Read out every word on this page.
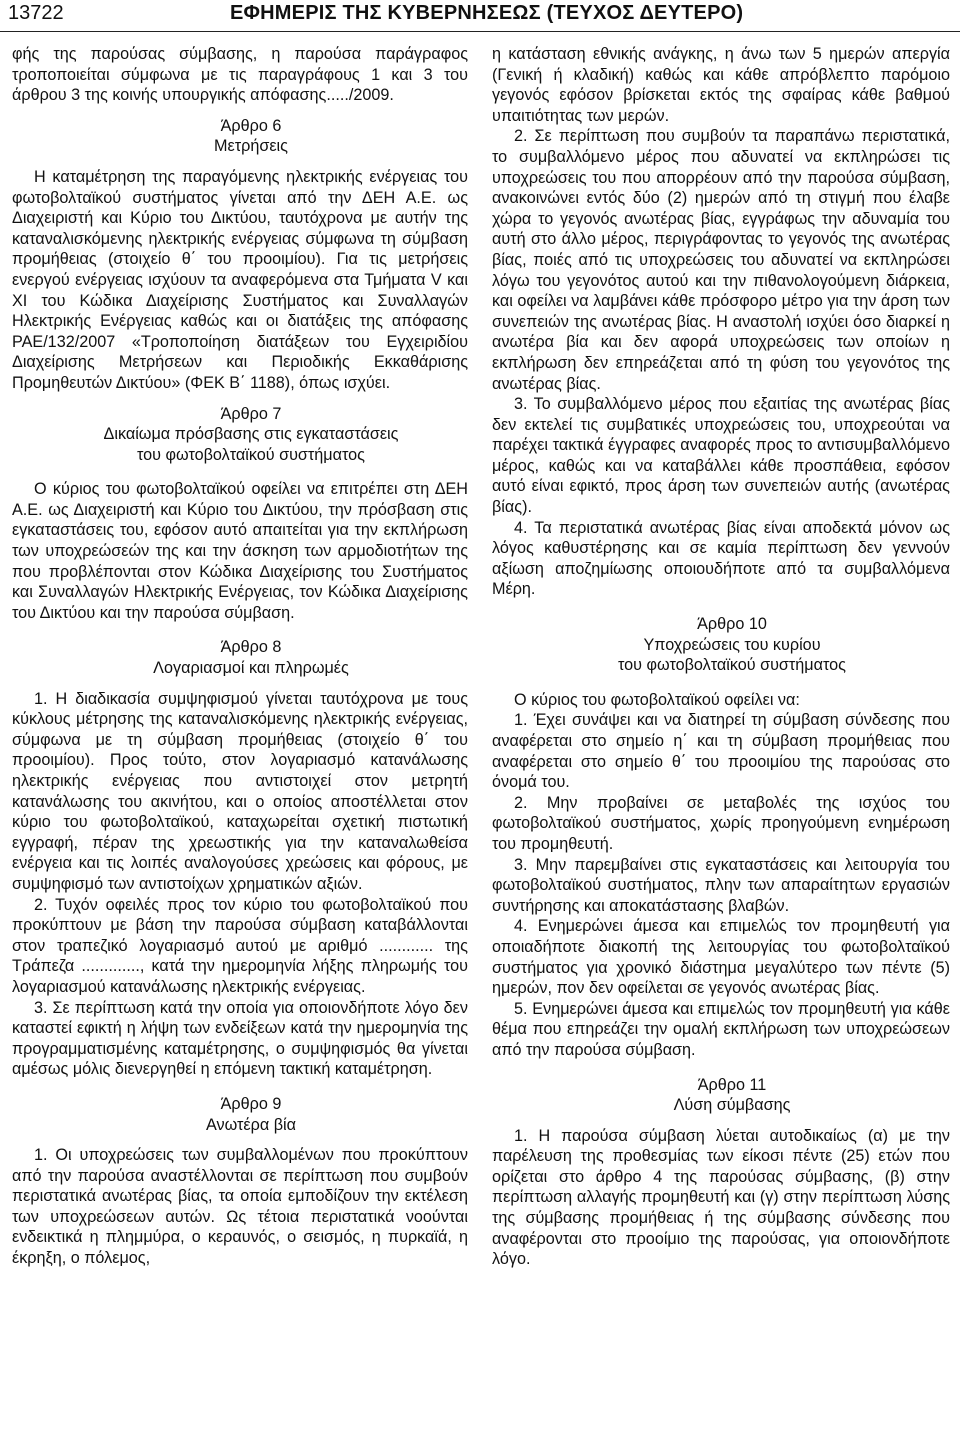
13722	ΕΦΗΜΕΡΙΣ ΤΗΣ ΚΥΒΕΡΝΗΣΕΩΣ (ΤΕΥΧΟΣ ΔΕΥΤΕΡΟ)

φής της παρούσας σύμβασης, η παρούσα παράγραφος τροποποιείται σύμφωνα με τις παραγράφους 1 και 3 του άρθρου 3 της κοινής υπουργικής απόφασης...../2009.

Άρθρο 6

Μετρήσεις

Η καταμέτρηση της παραγόμενης ηλεκτρικής ενέργειας του φωτοβολταϊκού συστήματος γίνεται από την ΔΕΗ Α.Ε. ως Διαχειριστή και Κύριο του Δικτύου, ταυτόχρονα με αυτήν της καταναλισκόμενης ηλεκτρικής ενέργειας σύμφωνα τη σύμβαση προμήθειας (στοιχείο θ΄ του προοιμίου). Για τις μετρήσεις ενεργού ενέργειας ισχύουν τα αναφερόμενα στα Τμήματα V και XI του Κώδικα Διαχείρισης Συστήματος και Συναλλαγών Ηλεκτρικής Ενέργειας καθώς και οι διατάξεις της απόφασης ΡΑΕ/132/2007 «Τροποποίηση διατάξεων του Εγχειριδίου Διαχείρισης Μετρήσεων και Περιοδικής Εκκαθάρισης Προμηθευτών Δικτύου» (ΦΕΚ Β΄ 1188), όπως ισχύει.

Άρθρο 7

Δικαίωμα πρόσβασης στις εγκαταστάσεις

του φωτοβολταϊκού συστήματος

Ο κύριος του φωτοβολταϊκού οφείλει να επιτρέπει στη ΔΕΗ Α.Ε. ως Διαχειριστή και Κύριο του Δικτύου, την πρόσβαση στις εγκαταστάσεις του, εφόσον αυτό απαιτείται για την εκπλήρωση των υποχρεώσεών της και την άσκηση των αρμοδιοτήτων της που προβλέπονται στον Κώδικα Διαχείρισης του Συστήματος και Συναλλαγών Ηλεκτρικής Ενέργειας, τον Κώδικα Διαχείρισης του Δικτύου και την παρούσα σύμβαση.

Άρθρο 8

Λογαριασμοί και πληρωμές

1. Η διαδικασία συμψηφισμού γίνεται ταυτόχρονα με τους κύκλους μέτρησης της καταναλισκόμενης ηλεκτρικής ενέργειας, σύμφωνα με τη σύμβαση προμήθειας (στοιχείο θ΄ του προοιμίου). Προς τούτο, στον λογαριασμό κατανάλωσης ηλεκτρικής ενέργειας που αντιστοιχεί στον μετρητή κατανάλωσης του ακινήτου, και ο οποίος αποστέλλεται στον κύριο του φωτοβολταϊκού, καταχωρείται σχετική πιστωτική εγγραφή, πέραν της χρεωστικής για την καταναλωθείσα ενέργεια και τις λοιπές αναλογούσες χρεώσεις και φόρους, με συμψηφισμό των αντιστοίχων χρηματικών αξιών.

2. Τυχόν οφειλές προς τον κύριο του φωτοβολταϊκού που προκύπτουν με βάση την παρούσα σύμβαση καταβάλλονται στον τραπεζικό λογαριασμό αυτού με αριθμό ............ της Τράπεζα ............., κατά την ημερομηνία λήξης πληρωμής του λογαριασμού κατανάλωσης ηλεκτρικής ενέργειας.

3. Σε περίπτωση κατά την οποία για οποιονδήποτε λόγο δεν καταστεί εφικτή η λήψη των ενδείξεων κατά την ημερομηνία της προγραμματισμένης καταμέτρησης, ο συμψηφισμός θα γίνεται αμέσως μόλις διενεργηθεί η επόμενη τακτική καταμέτρηση.

Άρθρο 9

Ανωτέρα βία

1. Οι υποχρεώσεις των συμβαλλομένων που προκύπτουν από την παρούσα αναστέλλονται σε περίπτωση που συμβούν περιστατικά ανωτέρας βίας, τα οποία εμποδίζουν την εκτέλεση των υποχρεώσεων αυτών. Ως τέτοια περιστατικά νοούνται ενδεικτικά η πλημμύρα, ο κεραυνός, ο σεισμός, η πυρκαϊά, η έκρηξη, ο πόλεμος,

η κατάσταση εθνικής ανάγκης, η άνω των 5 ημερών απεργία (Γενική ή κλαδική) καθώς και κάθε απρόβλεπτο παρόμοιο γεγονός εφόσον βρίσκεται εκτός της σφαίρας κάθε βαθμού υπαιτιότητας των μερών.

2. Σε περίπτωση που συμβούν τα παραπάνω περιστατικά, το συμβαλλόμενο μέρος που αδυνατεί να εκπληρώσει τις υποχρεώσεις του που απορρέουν από την παρούσα σύμβαση, ανακοινώνει εντός δύο (2) ημερών από τη στιγμή που έλαβε χώρα το γεγονός ανωτέρας βίας, εγγράφως την αδυναμία του αυτή στο άλλο μέρος, περιγράφοντας το γεγονός της ανωτέρας βίας, ποιές από τις υποχρεώσεις του αδυνατεί να εκπληρώσει λόγω του γεγονότος αυτού και την πιθανολογούμενη διάρκεια, και οφείλει να λαμβάνει κάθε πρόσφορο μέτρο για την άρση των συνεπειών της ανωτέρας βίας. Η αναστολή ισχύει όσο διαρκεί η ανωτέρα βία και δεν αφορά υποχρεώσεις των οποίων η εκπλήρωση δεν επηρεάζεται από τη φύση του γεγονότος της ανωτέρας βίας.

3. Το συμβαλλόμενο μέρος που εξαιτίας της ανωτέρας βίας δεν εκτελεί τις συμβατικές υποχρεώσεις του, υποχρεούται να παρέχει τακτικά έγγραφες αναφορές προς το αντισυμβαλλόμενο μέρος, καθώς και να καταβάλλει κάθε προσπάθεια, εφόσον αυτό είναι εφικτό, προς άρση των συνεπειών αυτής (ανωτέρας βίας).

4. Τα περιστατικά ανωτέρας βίας είναι αποδεκτά μόνον ως λόγος καθυστέρησης και σε καμία περίπτωση δεν γεννούν αξίωση αποζημίωσης οποιουδήποτε από τα συμβαλλόμενα Μέρη.

Άρθρο 10

Υποχρεώσεις του κυρίου

του φωτοβολταϊκού συστήματος

Ο κύριος του φωτοβολταϊκού οφείλει να:

1. Έχει συνάψει και να διατηρεί τη σύμβαση σύνδεσης που αναφέρεται στο σημείο η΄ και τη σύμβαση προμήθειας που αναφέρεται στο σημείο θ΄ του προοιμίου της παρούσας στο όνομά του.

2. Μην προβαίνει σε μεταβολές της ισχύος του φωτοβολταϊκού συστήματος, χωρίς προηγούμενη ενημέρωση του προμηθευτή.

3. Μην παρεμβαίνει στις εγκαταστάσεις και λειτουργία του φωτοβολταϊκού συστήματος, πλην των απαραίτητων εργασιών συντήρησης και αποκατάστασης βλαβών.

4. Ενημερώνει άμεσα και επιμελώς τον προμηθευτή για οποιαδήποτε διακοπή της λειτουργίας του φωτοβολταϊκού συστήματος για χρονικό διάστημα μεγαλύτερο των πέντε (5) ημερών, πον δεν οφείλεται σε γεγονός ανωτέρας βίας.

5. Ενημερώνει άμεσα και επιμελώς τον προμηθευτή για κάθε θέμα που επηρεάζει την ομαλή εκπλήρωση των υποχρεώσεων από την παρούσα σύμβαση.

Άρθρο 11

Λύση σύμβασης

1. Η παρούσα σύμβαση λύεται αυτοδικαίως (α) με την παρέλευση της προθεσμίας των είκοσι πέντε (25) ετών που ορίζεται στο άρθρο 4 της παρούσας σύμβασης, (β) στην περίπτωση αλλαγής προμηθευτή και (γ) στην περίπτωση λύσης της σύμβασης προμήθειας ή της σύμβασης σύνδεσης που αναφέρονται στο προοίμιο της παρούσας, για οποιονδήποτε λόγο.
